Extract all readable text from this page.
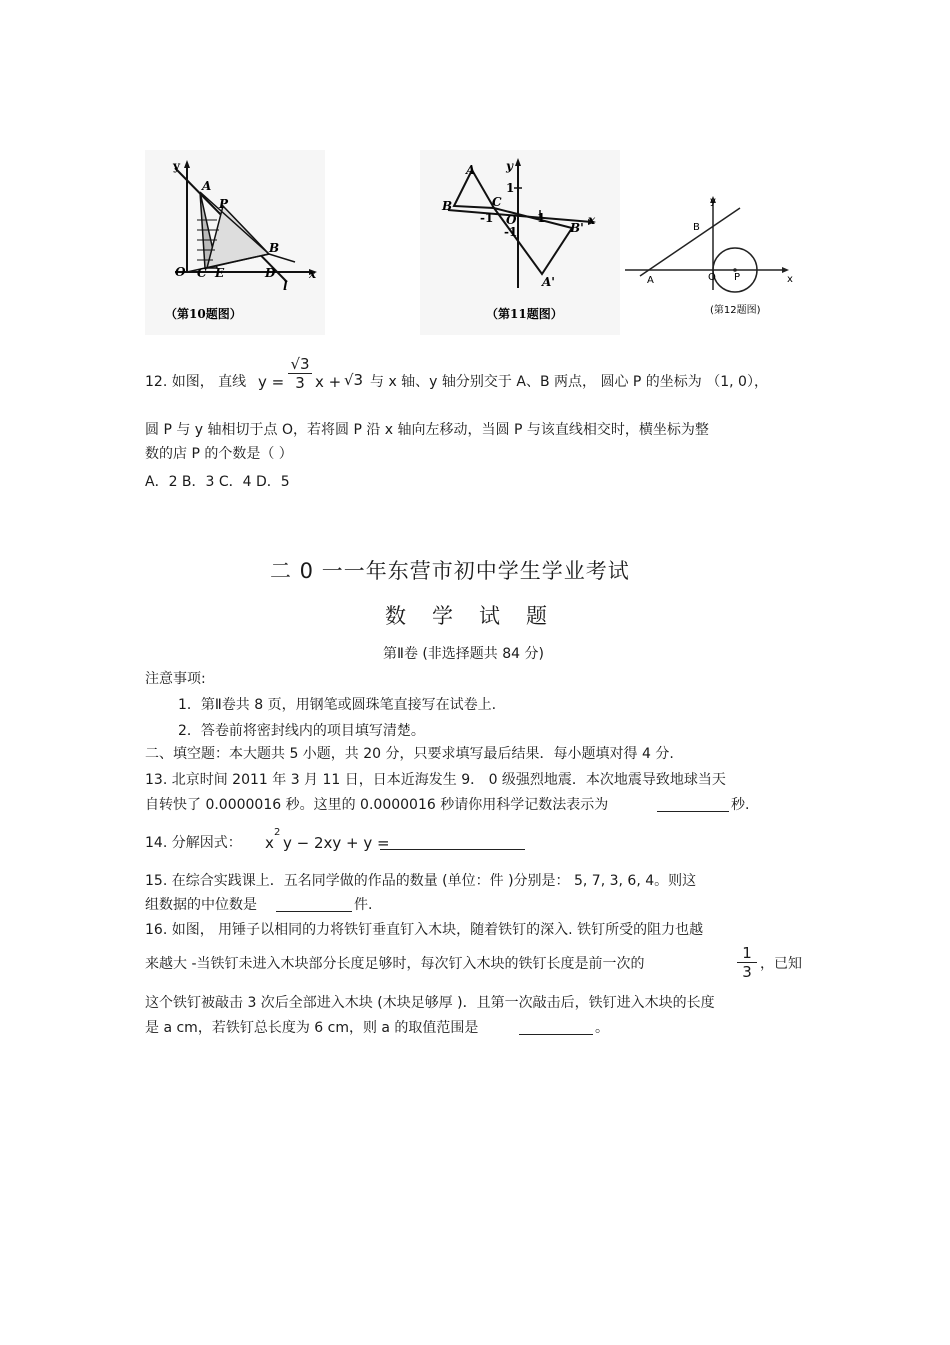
y
A
P
B
O C E	D
l
x
（第10题图）
y
A
1
B	C
-1 O 1
-1
x
B'
A'
（第11题图）
y
B
A	O P	x
(第12题图)
12. 如图， 直线 y =
√3
3 x + √3 与 x 轴、y 轴分别交于 A、B 两点， 圆心 P 的坐标为 （1, 0），
圆 P 与 y 轴相切于点 O，若将圆 P 沿 x 轴向左移动，当圆 P 与该直线相交时，横坐标为整
数的店 P 的个数是（ ）
A．2 B．3 C．4 D．5
二 0 一一年东营市初中学生学业考试
数学试题
第Ⅱ卷 (非选择题共 84 分)
注意事项:
1．第Ⅱ卷共 8 页，用钢笔或圆珠笔直接写在试卷上.
2．答卷前将密封线内的项目填写清楚。
二、填空题：本大题共 5 小题，共 20 分，只要求填写最后结果．每小题填对得 4 分.
13. 北京时间 2011 年 3 月 11 日，日本近海发生 9． 0 级强烈地震．本次地震导致地球当天
自转快了 0.0000016 秒。这里的 0.0000016 秒请你用科学记数法表示为	秒.
14. 分解因式： x
2
y − 2xy + y =
15. 在综合实践课上．五名同学做的作品的数量 (单位：件 )分别是： 5, 7, 3, 6, 4。则这
组数据的中位数是	件.
16. 如图， 用锤子以相同的力将铁钉垂直钉入木块，随着铁钉的深入. 铁钉所受的阻力也越
来越大 -当铁钉未进入木块部分长度足够时，每次钉入木块的铁钉长度是前一次的
1
3 ，已知
这个铁钉被敲击 3 次后全部进入木块 (木块足够厚 )．且第一次敲击后，铁钉进入木块的长度
是 a cm，若铁钉总长度为 6 cm，则 a 的取值范围是	。
